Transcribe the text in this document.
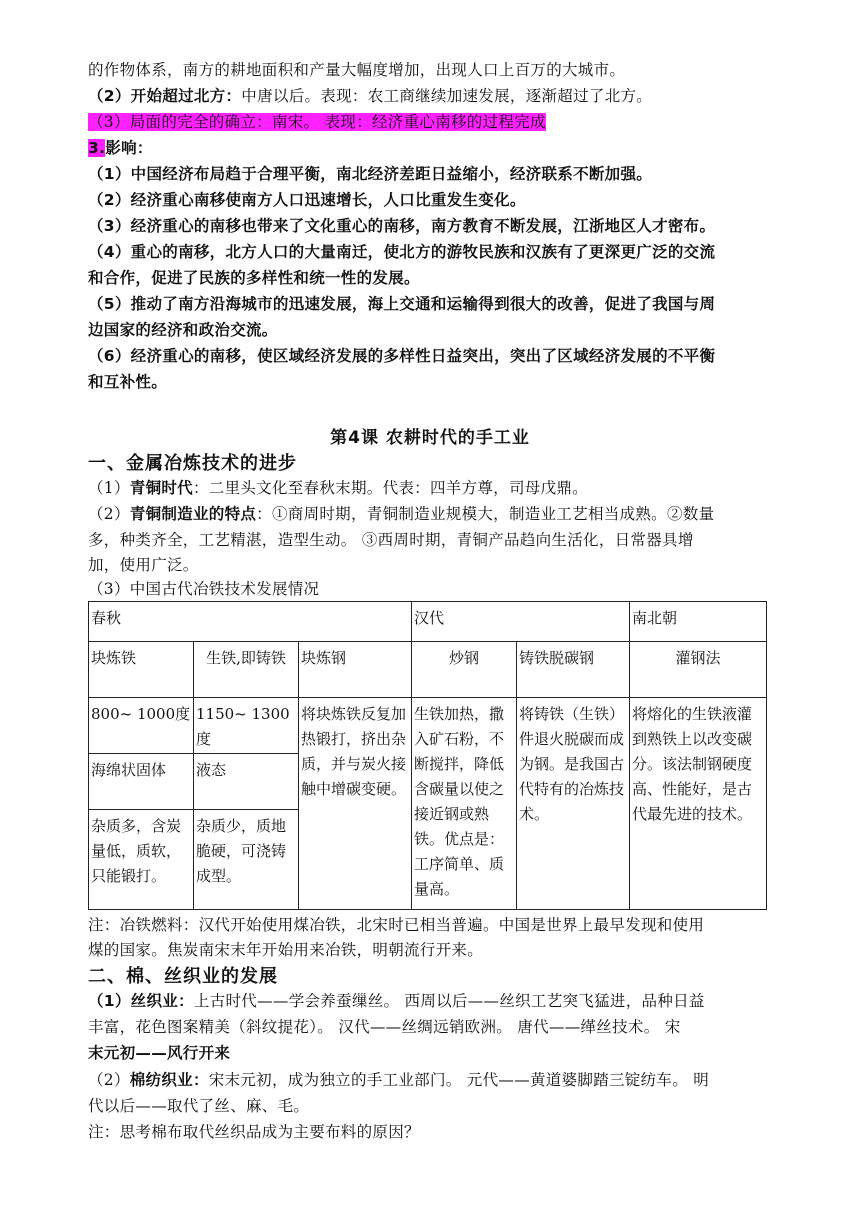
的作物体系，南方的耕地面积和产量大幅度增加，出现人口上百万的大城市。
（2）开始超过北方：中唐以后。表现：农工商继续加速发展，逐渐超过了北方。
（3）局面的完全的确立：南宋。 表现：经济重心南移的过程完成
3.影响：
（1）中国经济布局趋于合理平衡，南北经济差距日益缩小，经济联系不断加强。
（2）经济重心南移使南方人口迅速增长，人口比重发生变化。
（3）经济重心的南移也带来了文化重心的南移，南方教育不断发展，江浙地区人才密布。
（4）重心的南移，北方人口的大量南迁，使北方的游牧民族和汉族有了更深更广泛的交流
和合作，促进了民族的多样性和统一性的发展。
（5）推动了南方沿海城市的迅速发展，海上交通和运输得到很大的改善，促进了我国与周
边国家的经济和政治交流。
（6）经济重心的南移，使区域经济发展的多样性日益突出，突出了区域经济发展的不平衡
和互补性。
第4课 农耕时代的手工业
一、金属冶炼技术的进步
（1）青铜时代：二里头文化至春秋末期。代表：四羊方尊，司母戊鼎。
（2）青铜制造业的特点：①商周时期，青铜制造业规模大，制造业工艺相当成熟。②数量
多，种类齐全，工艺精湛，造型生动。 ③西周时期，青铜产品趋向生活化，日常器具增
加，使用广泛。
（3）中国古代冶铁技术发展情况
春秋			汉代		南北朝
块炼铁	生铁,即铸铁	块炼钢	炒钢	铸铁脱碳钢	灌钢法
800~ 1000度	1150~ 1300度	将块炼铁反复加热锻打，挤出杂质，并与炭火接触中增碳变硬。	生铁加热，撒入矿石粉，不断搅拌，降低含碳量以使之接近钢或熟铁。优点是：工序简单、质量高。	将铸铁（生铁）件退火脱碳而成为钢。是我国古代特有的冶炼技术。	将熔化的生铁液灌到熟铁上以改变碳分。该法制钢硬度高、性能好，是古代最先进的技术。
海绵状固体	液态				
杂质多，含炭量低，质软，只能锻打。	杂质少，质地脆硬，可浇铸成型。				
注：冶铁燃料：汉代开始使用煤冶铁，北宋时已相当普遍。中国是世界上最早发现和使用
煤的国家。焦炭南宋末年开始用来冶铁，明朝流行开来。
二、棉、丝织业的发展
（1）丝织业：上古时代——学会养蚕缫丝。 西周以后——丝织工艺突飞猛进，品种日益
丰富，花色图案精美（斜纹提花）。 汉代——丝绸远销欧洲。 唐代——缂丝技术。 宋
末元初——风行开来
（2）棉纺织业：宋末元初，成为独立的手工业部门。 元代——黄道婆脚踏三锭纺车。 明
代以后——取代了丝、麻、毛。
注：思考棉布取代丝织品成为主要布料的原因？
